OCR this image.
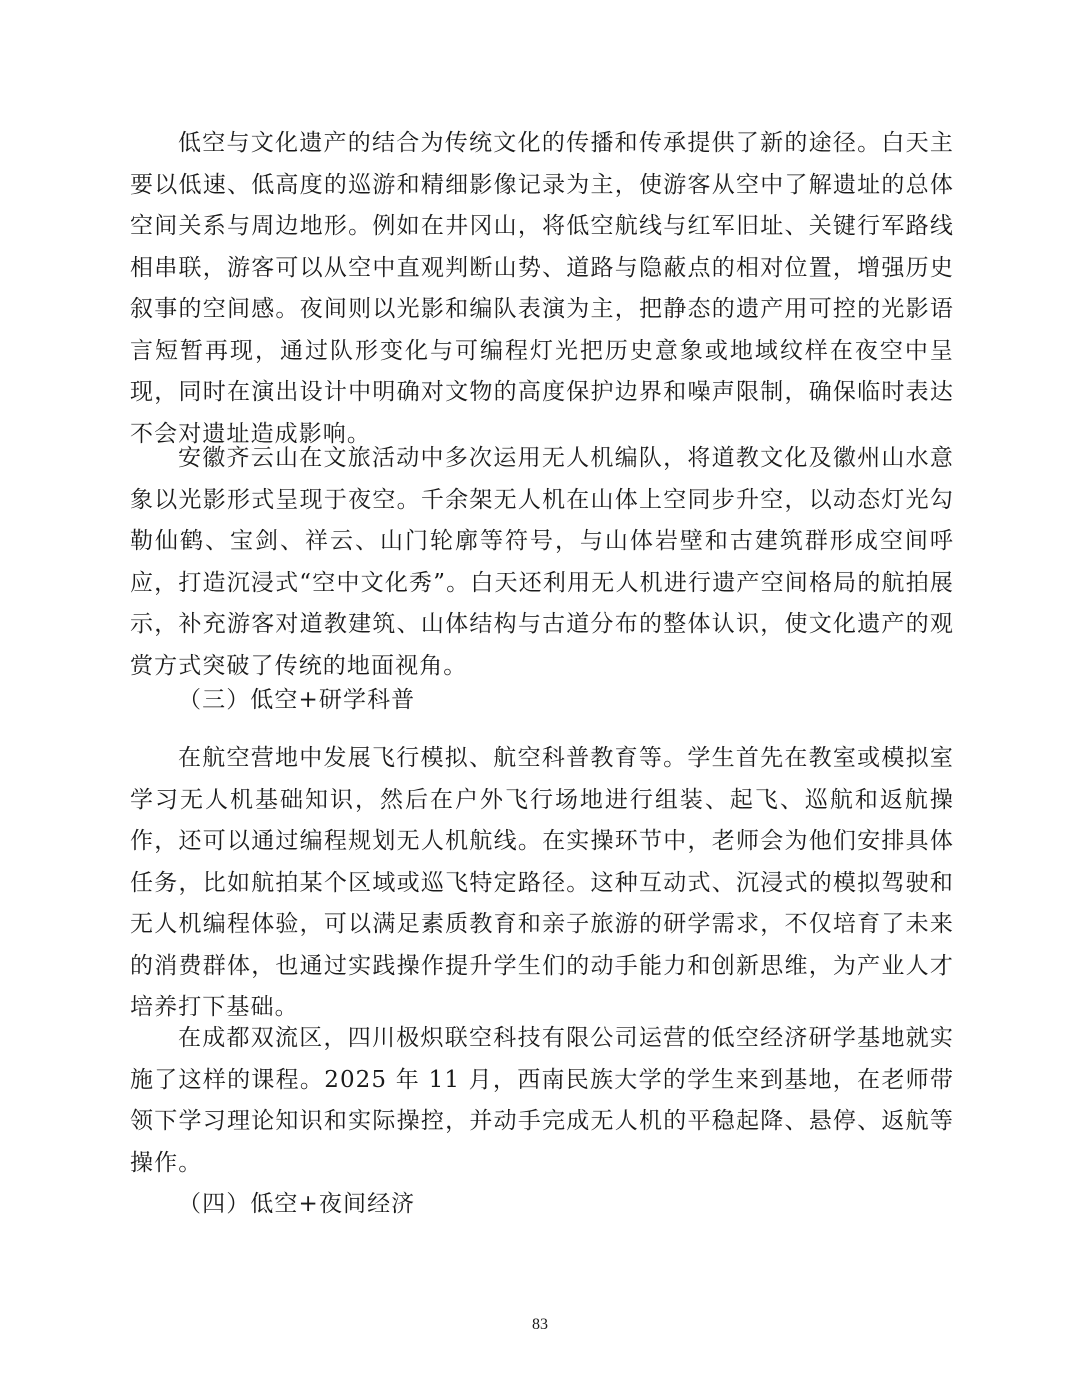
低空与文化遗产的结合为传统文化的传播和传承提供了新的途径。白天主要以低速、低高度的巡游和精细影像记录为主，使游客从空中了解遗址的总体空间关系与周边地形。例如在井冈山，将低空航线与红军旧址、关键行军路线相串联，游客可以从空中直观判断山势、道路与隐蔽点的相对位置，增强历史叙事的空间感。夜间则以光影和编队表演为主，把静态的遗产用可控的光影语言短暂再现，通过队形变化与可编程灯光把历史意象或地域纹样在夜空中呈现，同时在演出设计中明确对文物的高度保护边界和噪声限制，确保临时表达不会对遗址造成影响。

安徽齐云山在文旅活动中多次运用无人机编队，将道教文化及徽州山水意象以光影形式呈现于夜空。千余架无人机在山体上空同步升空，以动态灯光勾勒仙鹤、宝剑、祥云、山门轮廓等符号，与山体岩壁和古建筑群形成空间呼应，打造沉浸式“空中文化秀”。白天还利用无人机进行遗产空间格局的航拍展示，补充游客对道教建筑、山体结构与古道分布的整体认识，使文化遗产的观赏方式突破了传统的地面视角。

（三）低空+研学科普

在航空营地中发展飞行模拟、航空科普教育等。学生首先在教室或模拟室学习无人机基础知识，然后在户外飞行场地进行组装、起飞、巡航和返航操作，还可以通过编程规划无人机航线。在实操环节中，老师会为他们安排具体任务，比如航拍某个区域或巡飞特定路径。这种互动式、沉浸式的模拟驾驶和无人机编程体验，可以满足素质教育和亲子旅游的研学需求，不仅培育了未来的消费群体，也通过实践操作提升学生们的动手能力和创新思维，为产业人才培养打下基础。

在成都双流区，四川极炽联空科技有限公司运营的低空经济研学基地就实施了这样的课程。2025 年 11 月，西南民族大学的学生来到基地，在老师带领下学习理论知识和实际操控，并动手完成无人机的平稳起降、悬停、返航等操作。

（四）低空+夜间经济

83
